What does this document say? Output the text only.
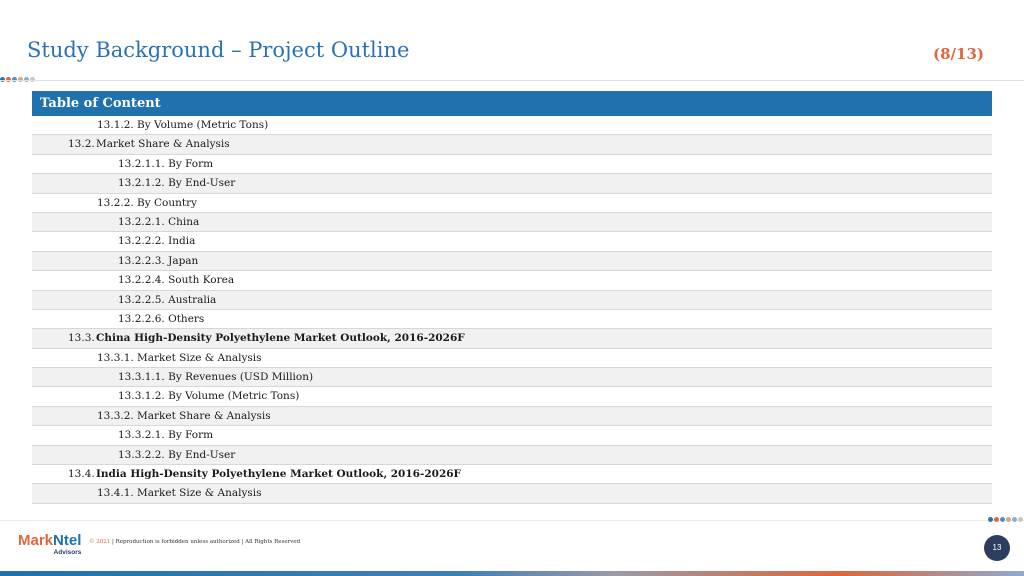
Study Background – Project Outline	(8/13)
Table of Content
13.1.2. By Volume (Metric Tons)
13.2.Market Share & Analysis
13.2.1.1. By Form
13.2.1.2. By End-User
13.2.2. By Country
13.2.2.1. China
13.2.2.2. India
13.2.2.3. Japan
13.2.2.4. South Korea
13.2.2.5. Australia
13.2.2.6. Others
13.3.China High-Density Polyethylene Market Outlook, 2016-2026F
13.3.1. Market Size & Analysis
13.3.1.1. By Revenues (USD Million)
13.3.1.2. By Volume (Metric Tons)
13.3.2. Market Share & Analysis
13.3.2.1. By Form
13.3.2.2. By End-User
13.4.India High-Density Polyethylene Market Outlook, 2016-2026F
13.4.1. Market Size & Analysis
MarkNtel
Advisors
© 2021 | Reproduction is forbidden unless authorized | All Rights Reserved
13
